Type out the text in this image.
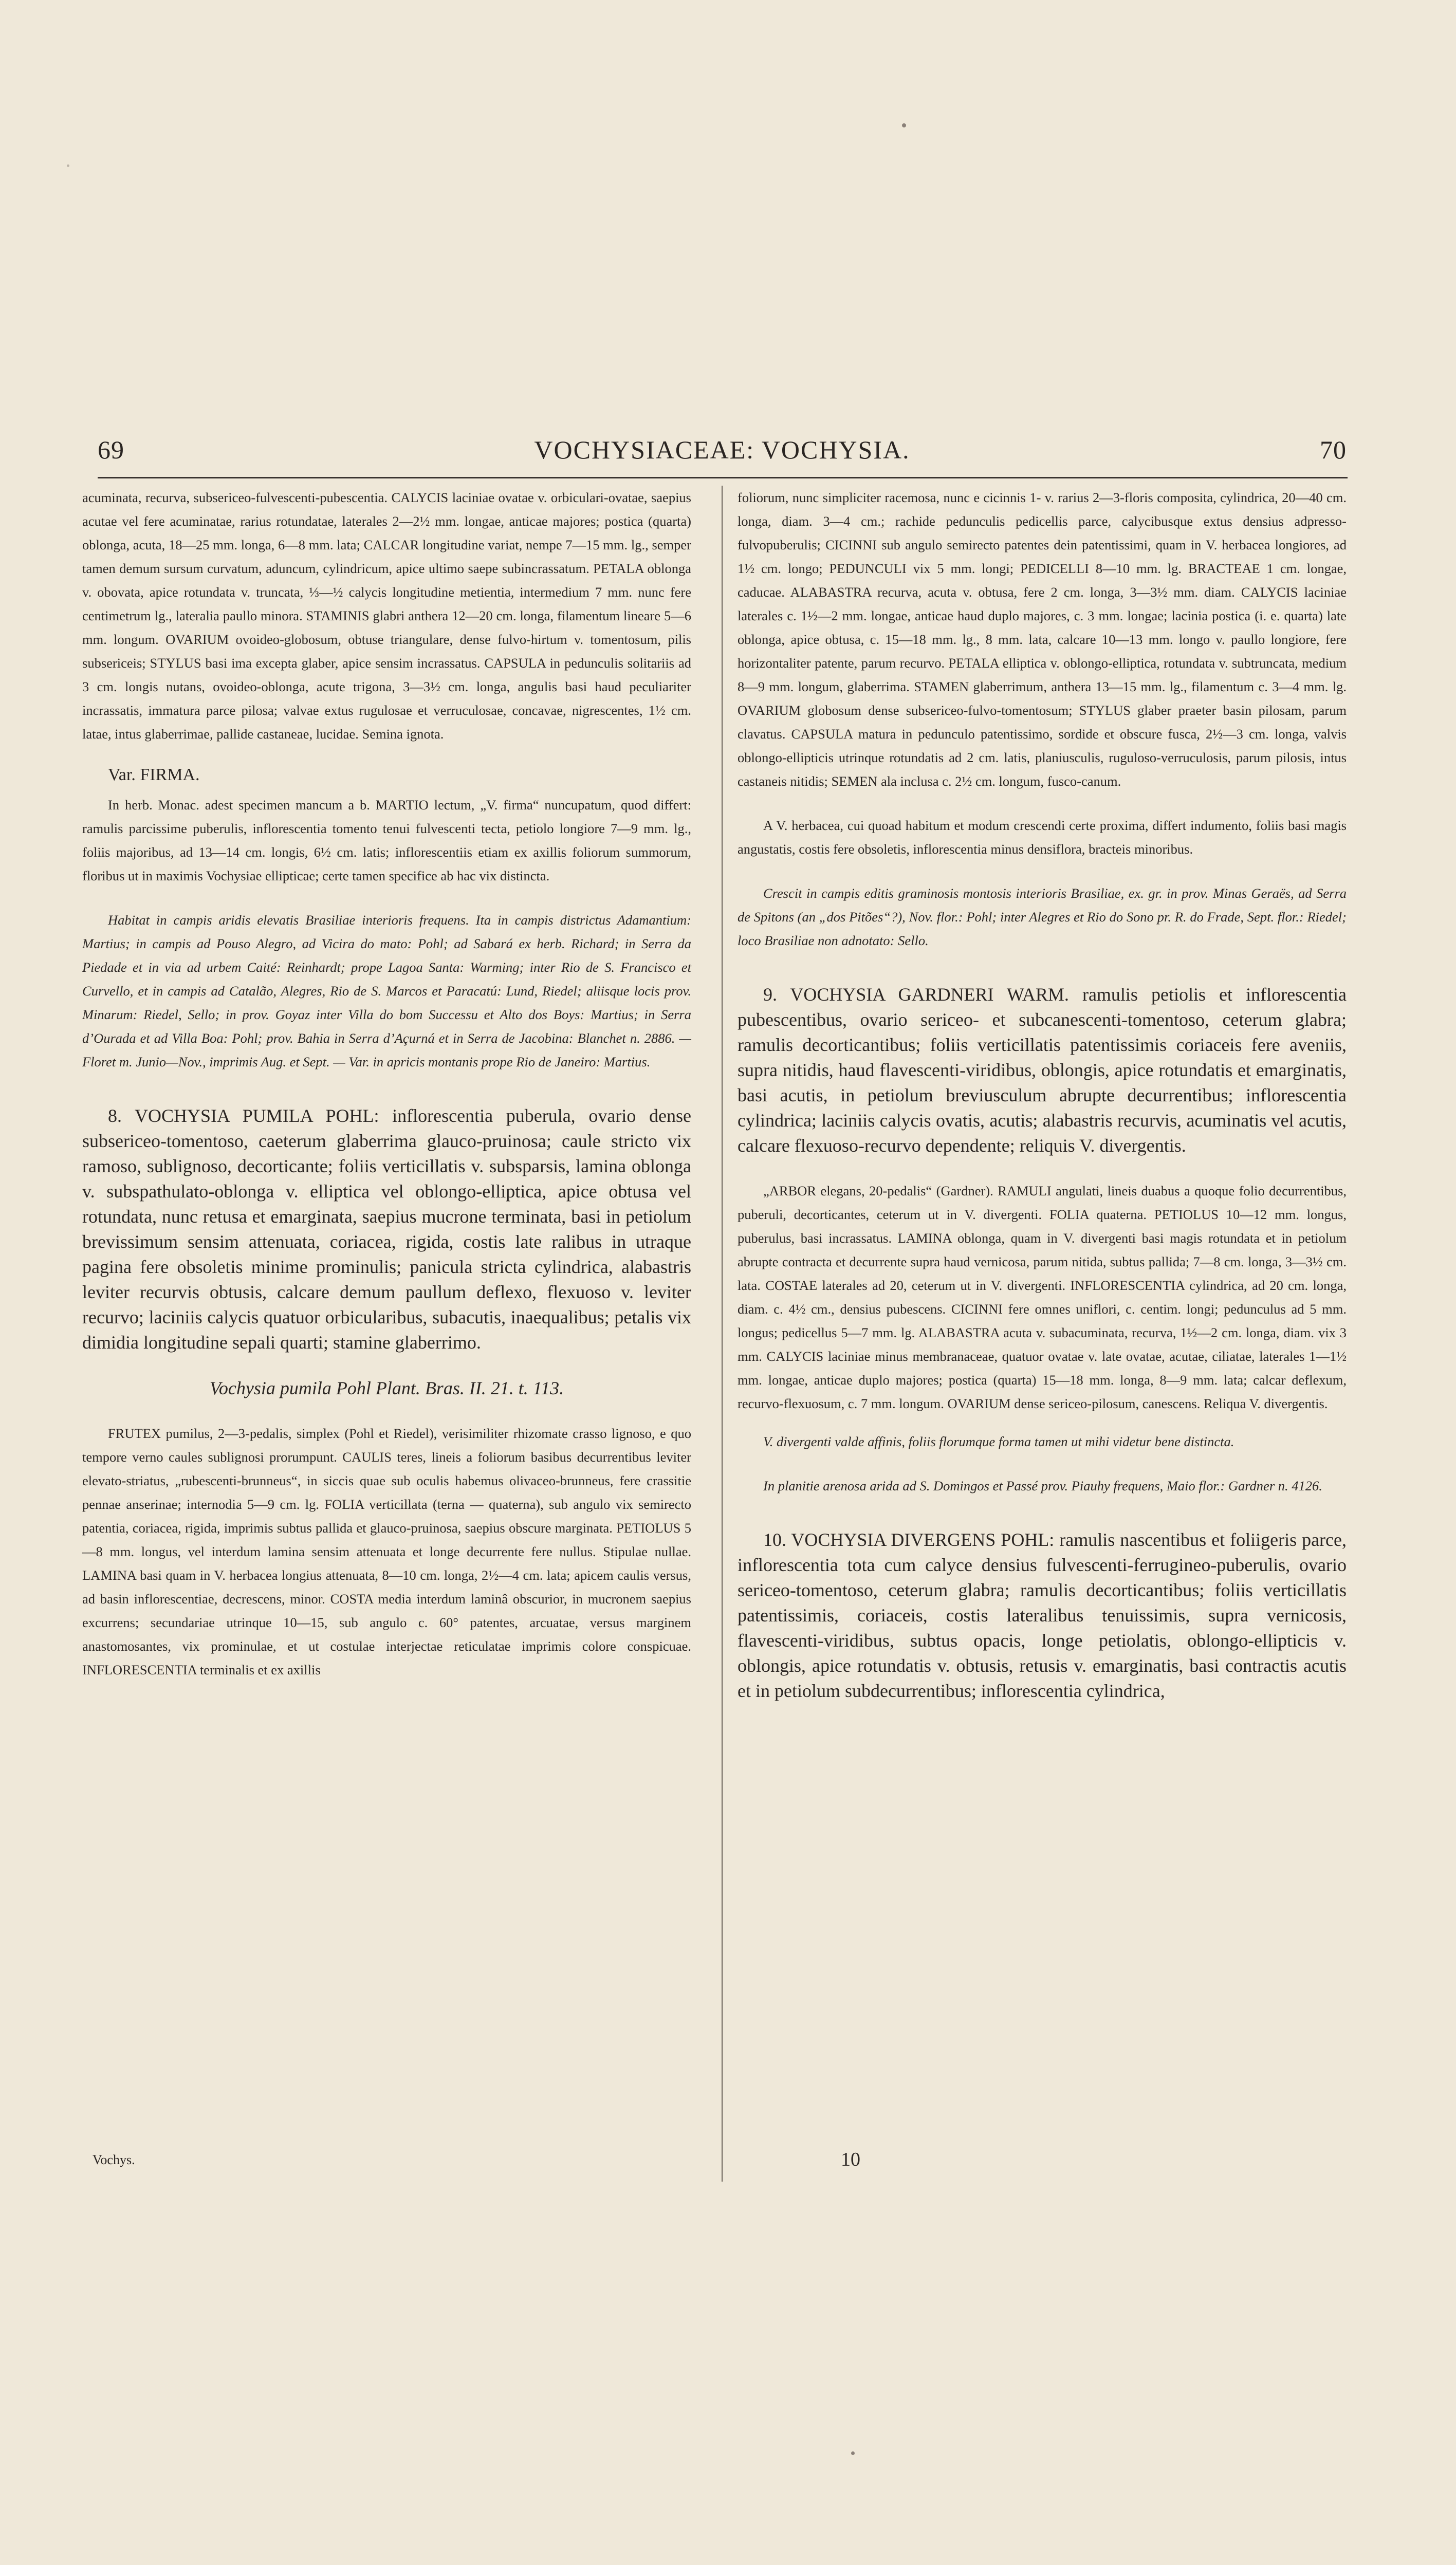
69	VOCHYSIACEAE: VOCHYSIA.	70

acuminata, recurva, subsericeo-fulvescenti-pubescentia. CALYCIS laciniae ovatae v. orbiculari-ovatae, saepius acutae vel fere acuminatae, rarius rotundatae, laterales 2—2½ mm. longae, anticae majores; postica (quarta) oblonga, acuta, 18—25 mm. longa, 6—8 mm. lata; CALCAR longitudine variat, nempe 7—15 mm. lg., semper tamen demum sursum curvatum, aduncum, cylindricum, apice ultimo saepe subincrassatum. PETALA oblonga v. obovata, apice rotundata v. truncata, ⅓—½ calycis longitudine metientia, intermedium 7 mm. nunc fere centimetrum lg., lateralia paullo minora. STAMINIS glabri anthera 12—20 cm. longa, filamentum lineare 5—6 mm. longum. OVARIUM ovoideo-globosum, obtuse triangulare, dense fulvo-hirtum v. tomentosum, pilis subsericeis; STYLUS basi ima excepta glaber, apice sensim incrassatus. CAPSULA in pedunculis solitariis ad 3 cm. longis nutans, ovoideo-oblonga, acute trigona, 3—3½ cm. longa, angulis basi haud peculiariter incrassatis, immatura parce pilosa; valvae extus rugulosae et verruculosae, concavae, nigrescentes, 1½ cm. latae, intus glaberrimae, pallide castaneae, lucidae. Semina ignota.

Var. FIRMA.

In herb. Monac. adest specimen mancum a b. MARTIO lectum, „V. firma“ nuncupatum, quod differt: ramulis parcissime puberulis, inflorescentia tomento tenui fulvescenti tecta, petiolo longiore 7—9 mm. lg., foliis majoribus, ad 13—14 cm. longis, 6½ cm. latis; inflorescentiis etiam ex axillis foliorum summorum, floribus ut in maximis Vochysiae ellipticae; certe tamen specifice ab hac vix distincta.

Habitat in campis aridis elevatis Brasiliae interioris frequens. Ita in campis districtus Adamantium: Martius; in campis ad Pouso Alegro, ad Vicira do mato: Pohl; ad Sabará ex herb. Richard; in Serra da Piedade et in via ad urbem Caité: Reinhardt; prope Lagoa Santa: Warming; inter Rio de S. Francisco et Curvello, et in campis ad Catalão, Alegres, Rio de S. Marcos et Paracatú: Lund, Riedel; aliisque locis prov. Minarum: Riedel, Sello; in prov. Goyaz inter Villa do bom Successu et Alto dos Boys: Martius; in Serra d’Ourada et ad Villa Boa: Pohl; prov. Bahia in Serra d’Açurná et in Serra de Jacobina: Blanchet n. 2886. — Floret m. Junio—Nov., imprimis Aug. et Sept. — Var. in apricis montanis prope Rio de Janeiro: Martius.

8. VOCHYSIA PUMILA POHL: inflorescentia puberula, ovario dense subsericeo-tomentoso, caeterum glaberrima glauco-pruinosa; caule stricto vix ramoso, sublignoso, decorticante; foliis verticillatis v. subsparsis, lamina oblonga v. subspathulato-oblonga v. elliptica vel oblongo-elliptica, apice obtusa vel rotundata, nunc retusa et emarginata, saepius mucrone terminata, basi in petiolum brevissimum sensim attenuata, coriacea, rigida, costis late ralibus in utraque pagina fere obsoletis minime prominulis; panicula stricta cylindrica, alabastris leviter recurvis obtusis, calcare demum paullum deflexo, flexuoso v. leviter recurvo; laciniis calycis quatuor orbicularibus, subacutis, inaequalibus; petalis vix dimidia longitudine sepali quarti; stamine glaberrimo.

Vochysia pumila Pohl Plant. Bras. II. 21. t. 113.

FRUTEX pumilus, 2—3-pedalis, simplex (Pohl et Riedel), verisimiliter rhizomate crasso lignoso, e quo tempore verno caules sublignosi prorumpunt. CAULIS teres, lineis a foliorum basibus decurrentibus leviter elevato-striatus, „rubescenti-brunneus“, in siccis quae sub oculis habemus olivaceo-brunneus, fere crassitie pennae anserinae; internodia 5—9 cm. lg. FOLIA verticillata (terna — quaterna), sub angulo vix semirecto patentia, coriacea, rigida, imprimis subtus pallida et glauco-pruinosa, saepius obscure marginata. PETIOLUS 5—8 mm. longus, vel interdum lamina sensim attenuata et longe decurrente fere nullus. Stipulae nullae. LAMINA basi quam in V. herbacea longius attenuata, 8—10 cm. longa, 2½—4 cm. lata; apicem caulis versus, ad basin inflorescentiae, decrescens, minor. COSTA media interdum laminâ obscurior, in mucronem saepius excurrens; secundariae utrinque 10—15, sub angulo c. 60° patentes, arcuatae, versus marginem anastomosantes, vix prominulae, et ut costulae interjectae reticulatae imprimis colore conspicuae. INFLORESCENTIA terminalis et ex axillis

foliorum, nunc simpliciter racemosa, nunc e cicinnis 1- v. rarius 2—3-floris composita, cylindrica, 20—40 cm. longa, diam. 3—4 cm.; rachide pedunculis pedicellis parce, calycibusque extus densius adpresso-fulvopuberulis; CICINNI sub angulo semirecto patentes dein patentissimi, quam in V. herbacea longiores, ad 1½ cm. longo; PEDUNCULI vix 5 mm. longi; PEDICELLI 8—10 mm. lg. BRACTEAE 1 cm. longae, caducae. ALABASTRA recurva, acuta v. obtusa, fere 2 cm. longa, 3—3½ mm. diam. CALYCIS laciniae laterales c. 1½—2 mm. longae, anticae haud duplo majores, c. 3 mm. longae; lacinia postica (i. e. quarta) late oblonga, apice obtusa, c. 15—18 mm. lg., 8 mm. lata, calcare 10—13 mm. longo v. paullo longiore, fere horizontaliter patente, parum recurvo. PETALA elliptica v. oblongo-elliptica, rotundata v. subtruncata, medium 8—9 mm. longum, glaberrima. STAMEN glaberrimum, anthera 13—15 mm. lg., filamentum c. 3—4 mm. lg. OVARIUM globosum dense subsericeo-fulvo-tomentosum; STYLUS glaber praeter basin pilosam, parum clavatus. CAPSULA matura in pedunculo patentissimo, sordide et obscure fusca, 2½—3 cm. longa, valvis oblongo-ellipticis utrinque rotundatis ad 2 cm. latis, planiusculis, ruguloso-verruculosis, parum pilosis, intus castaneis nitidis; SEMEN ala inclusa c. 2½ cm. longum, fusco-canum.

A V. herbacea, cui quoad habitum et modum crescendi certe proxima, differt indumento, foliis basi magis angustatis, costis fere obsoletis, inflorescentia minus densiflora, bracteis minoribus.

Crescit in campis editis graminosis montosis interioris Brasiliae, ex. gr. in prov. Minas Geraës, ad Serra de Spitons (an „dos Pitões“?), Nov. flor.: Pohl; inter Alegres et Rio do Sono pr. R. do Frade, Sept. flor.: Riedel; loco Brasiliae non adnotato: Sello.

9. VOCHYSIA GARDNERI WARM. ramulis petiolis et inflorescentia pubescentibus, ovario sericeo- et subcanescenti-tomentoso, ceterum glabra; ramulis decorticantibus; foliis verticillatis patentissimis coriaceis fere aveniis, supra nitidis, haud flavescenti-viridibus, oblongis, apice rotundatis et emarginatis, basi acutis, in petiolum breviusculum abrupte decurrentibus; inflorescentia cylindrica; laciniis calycis ovatis, acutis; alabastris recurvis, acuminatis vel acutis, calcare flexuoso-recurvo dependente; reliquis V. divergentis.

„ARBOR elegans, 20-pedalis“ (Gardner). RAMULI angulati, lineis duabus a quoque folio decurrentibus, puberuli, decorticantes, ceterum ut in V. divergenti. FOLIA quaterna. PETIOLUS 10—12 mm. longus, puberulus, basi incrassatus. LAMINA oblonga, quam in V. divergenti basi magis rotundata et in petiolum abrupte contracta et decurrente supra haud vernicosa, parum nitida, subtus pallida; 7—8 cm. longa, 3—3½ cm. lata. COSTAE laterales ad 20, ceterum ut in V. divergenti. INFLORESCENTIA cylindrica, ad 20 cm. longa, diam. c. 4½ cm., densius pubescens. CICINNI fere omnes uniflori, c. centim. longi; pedunculus ad 5 mm. longus; pedicellus 5—7 mm. lg. ALABASTRA acuta v. subacuminata, recurva, 1½—2 cm. longa, diam. vix 3 mm. CALYCIS laciniae minus membranaceae, quatuor ovatae v. late ovatae, acutae, ciliatae, laterales 1—1½ mm. longae, anticae duplo majores; postica (quarta) 15—18 mm. longa, 8—9 mm. lata; calcar deflexum, recurvo-flexuosum, c. 7 mm. longum. OVARIUM dense sericeo-pilosum, canescens. Reliqua V. divergentis.

V. divergenti valde affinis, foliis florumque forma tamen ut mihi videtur bene distincta.

In planitie arenosa arida ad S. Domingos et Passé prov. Piauhy frequens, Maio flor.: Gardner n. 4126.

10. VOCHYSIA DIVERGENS POHL: ramulis nascentibus et foliigeris parce, inflorescentia tota cum calyce densius fulvescenti-ferrugineo-puberulis, ovario sericeo-tomentoso, ceterum glabra; ramulis decorticantibus; foliis verticillatis patentissimis, coriaceis, costis lateralibus tenuissimis, supra vernicosis, flavescenti-viridibus, subtus opacis, longe petiolatis, oblongo-ellipticis v. oblongis, apice rotundatis v. obtusis, retusis v. emarginatis, basi contractis acutis et in petiolum subdecurrentibus; inflorescentia cylindrica,

Vochys.	10
